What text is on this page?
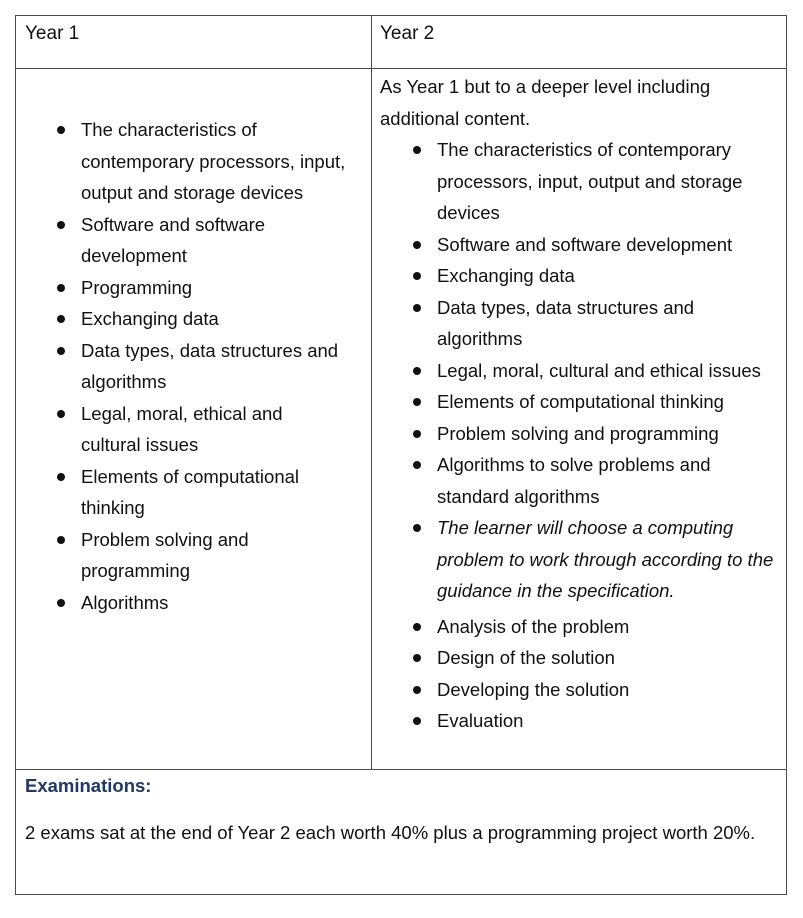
Year 1	Year 2
The characteristics of contemporary processors, input, output and storage devices
Software and software development
Programming
Exchanging data
Data types, data structures and algorithms
Legal, moral, ethical and cultural issues
Elements of computational thinking
Problem solving and programming
Algorithms
As Year 1 but to a deeper level including additional content.
The characteristics of contemporary processors, input, output and storage devices
Software and software development
Exchanging data
Data types, data structures and algorithms
Legal, moral, cultural and ethical issues
Elements of computational thinking
Problem solving and programming
Algorithms to solve problems and standard algorithms
The learner will choose a computing problem to work through according to the guidance in the specification.
Analysis of the problem
Design of the solution
Developing the solution
Evaluation
Examinations:
2 exams sat at the end of Year 2 each worth 40% plus a programming project worth 20%.
